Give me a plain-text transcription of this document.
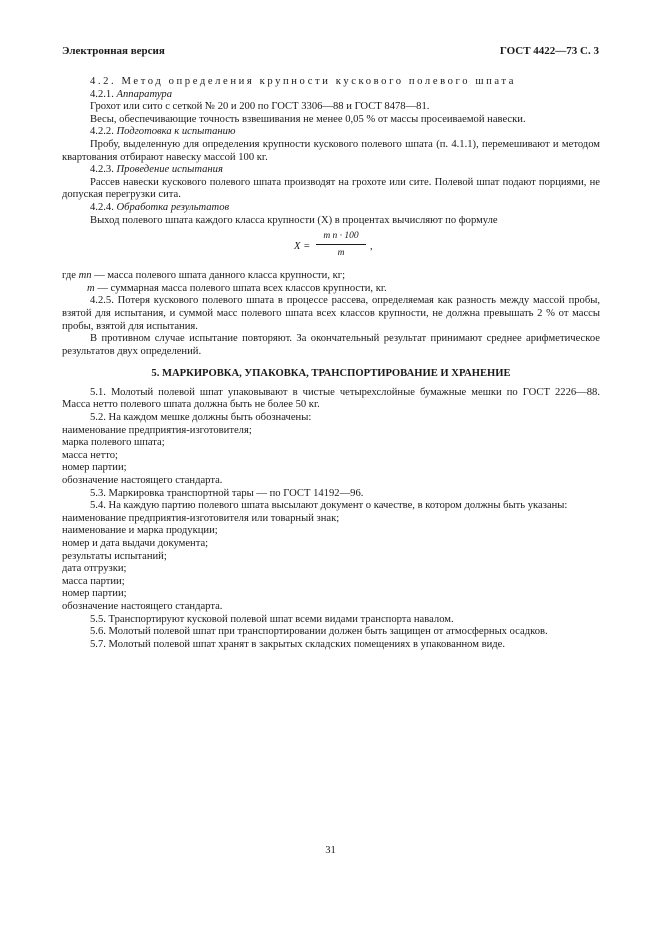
Электронная версия	ГОСТ 4422—73 С. 3

4.2. Метод определения крупности кускового полевого шпата

4.2.1. Аппаратура

Грохот или сито с сеткой № 20 и 200 по ГОСТ 3306—88 и ГОСТ 8478—81.

Весы, обеспечивающие точность взвешивания не менее 0,05 % от массы просеиваемой навески.

4.2.2. Подготовка к испытанию

Пробу, выделенную для определения крупности кускового полевого шпата (п. 4.1.1), перемешивают и методом квартования отбирают навеску массой 100 кг.

4.2.3. Проведение испытания

Рассев навески кускового полевого шпата производят на грохоте или сите. Полевой шпат подают порциями, не допуская перегрузки сита.

4.2.4. Обработка результатов

Выход полевого шпата каждого класса крупности (X) в процентах вычисляют по формуле

X =
m n · 100
m
,

где mn — масса полевого шпата данного класса крупности, кг;

m — суммарная масса полевого шпата всех классов крупности, кг.

4.2.5. Потеря кускового полевого шпата в процессе рассева, определяемая как разность между массой пробы, взятой для испытания, и суммой масс полевого шпата всех классов крупности, не должна превышать 2 % от массы пробы, взятой для испытания.

В противном случае испытание повторяют. За окончательный результат принимают среднее арифметическое результатов двух определений.

5. МАРКИРОВКА, УПАКОВКА, ТРАНСПОРТИРОВАНИЕ И ХРАНЕНИЕ

5.1. Молотый полевой шпат упаковывают в чистые четырехслойные бумажные мешки по ГОСТ 2226—88. Масса нетто полевого шпата должна быть не более 50 кг.

5.2. На каждом мешке должны быть обозначены:

наименование предприятия-изготовителя;

марка полевого шпата;

масса нетто;

номер партии;

обозначение настоящего стандарта.

5.3. Маркировка транспортной тары — по ГОСТ 14192—96.

5.4. На каждую партию полевого шпата высылают документ о качестве, в котором должны быть указаны:

наименование предприятия-изготовителя или товарный знак;

наименование и марка продукции;

номер и дата выдачи документа;

результаты испытаний;

дата отгрузки;

масса партии;

номер партии;

обозначение настоящего стандарта.

5.5. Транспортируют кусковой полевой шпат всеми видами транспорта навалом.

5.6. Молотый полевой шпат при транспортировании должен быть защищен от атмосферных осадков.

5.7. Молотый полевой шпат хранят в закрытых складских помещениях в упакованном виде.

31
